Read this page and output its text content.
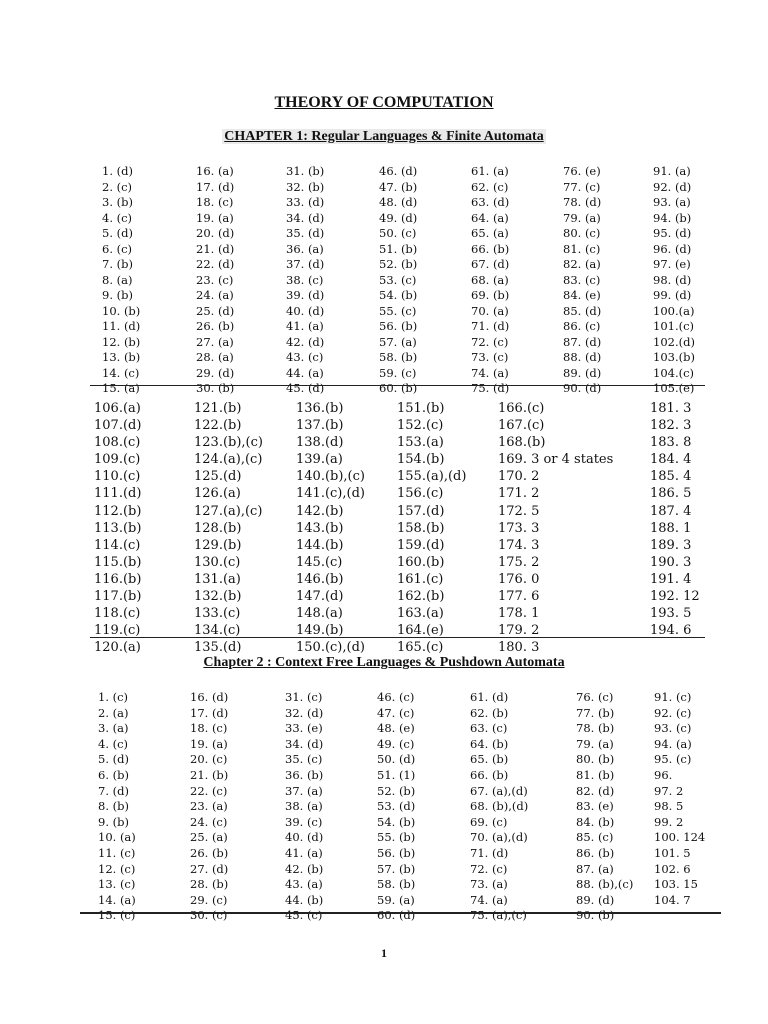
THEORY OF COMPUTATION
CHAPTER 1: Regular Languages & Finite Automata
1. (d)
2. (c)
3. (b)
4. (c)
5. (d)
6. (c)
7. (b)
8. (a)
9. (b)
10. (b)
11. (d)
12. (b)
13. (b)
14. (c)
15. (a)
16. (a)
17. (d)
18. (c)
19. (a)
20. (d)
21. (d)
22. (d)
23. (c)
24. (a)
25. (d)
26. (b)
27. (a)
28. (a)
29. (d)
30. (b)
31. (b)
32. (b)
33. (d)
34. (d)
35. (d)
36. (a)
37. (d)
38. (c)
39. (d)
40. (d)
41. (a)
42. (d)
43. (c)
44. (a)
45. (d)
46. (d)
47. (b)
48. (d)
49. (d)
50. (c)
51. (b)
52. (b)
53. (c)
54. (b)
55. (c)
56. (b)
57. (a)
58. (b)
59. (c)
60. (b)
61. (a)
62. (c)
63. (d)
64. (a)
65. (a)
66. (b)
67. (d)
68. (a)
69. (b)
70. (a)
71. (d)
72. (c)
73. (c)
74. (a)
75. (d)
76. (e)
77. (c)
78. (d)
79. (a)
80. (c)
81. (c)
82. (a)
83. (c)
84. (e)
85. (d)
86. (c)
87. (d)
88. (d)
89. (d)
90. (d)
91. (a)
92. (d)
93. (a)
94. (b)
95. (d)
96. (d)
97. (e)
98. (d)
99. (d)
100.(a)
101.(c)
102.(d)
103.(b)
104.(c)
105.(e)
106.(a)
107.(d)
108.(c)
109.(c)
110.(c)
111.(d)
112.(b)
113.(b)
114.(c)
115.(b)
116.(b)
117.(b)
118.(c)
119.(c)
120.(a)
121.(b)
122.(b)
123.(b),(c)
124.(a),(c)
125.(d)
126.(a)
127.(a),(c)
128.(b)
129.(b)
130.(c)
131.(a)
132.(b)
133.(c)
134.(c)
135.(d)
136.(b)
137.(b)
138.(d)
139.(a)
140.(b),(c)
141.(c),(d)
142.(b)
143.(b)
144.(b)
145.(c)
146.(b)
147.(d)
148.(a)
149.(b)
150.(c),(d)
151.(b)
152.(c)
153.(a)
154.(b)
155.(a),(d)
156.(c)
157.(d)
158.(b)
159.(d)
160.(b)
161.(c)
162.(b)
163.(a)
164.(e)
165.(c)
166.(c)
167.(c)
168.(b)
169. 3 or 4 states
170. 2
171. 2
172. 5
173. 3
174. 3
175. 2
176. 0
177. 6
178. 1
179. 2
180. 3
181. 3
182. 3
183. 8
184. 4
185. 4
186. 5
187. 4
188. 1
189. 3
190. 3
191. 4
192. 12
193. 5
194. 6
Chapter 2 : Context Free Languages & Pushdown Automata
1. (c)
2. (a)
3. (a)
4. (c)
5. (d)
6. (b)
7. (d)
8. (b)
9. (b)
10. (a)
11. (c)
12. (c)
13. (c)
14. (a)
15. (c)
16. (d)
17. (d)
18. (c)
19. (a)
20. (c)
21. (b)
22. (c)
23. (a)
24. (c)
25. (a)
26. (b)
27. (d)
28. (b)
29. (c)
30. (c)
31. (c)
32. (d)
33. (e)
34. (d)
35. (c)
36. (b)
37. (a)
38. (a)
39. (c)
40. (d)
41. (a)
42. (b)
43. (a)
44. (b)
45. (c)
46. (c)
47. (c)
48. (e)
49. (c)
50. (d)
51. (1)
52. (b)
53. (d)
54. (b)
55. (b)
56. (b)
57. (b)
58. (b)
59. (a)
60. (d)
61. (d)
62. (b)
63. (c)
64. (b)
65. (b)
66. (b)
67. (a),(d)
68. (b),(d)
69. (c)
70. (a),(d)
71. (d)
72. (c)
73. (a)
74. (a)
75. (a),(c)
76. (c)
77. (b)
78. (b)
79. (a)
80. (b)
81. (b)
82. (d)
83. (e)
84. (b)
85. (c)
86. (b)
87. (a)
88. (b),(c)
89. (d)
90. (b)
91. (c)
92. (c)
93. (c)
94. (a)
95. (c)
96.
97. 2
98. 5
99. 2
100. 124
101. 5
102. 6
103. 15
104. 7
1
